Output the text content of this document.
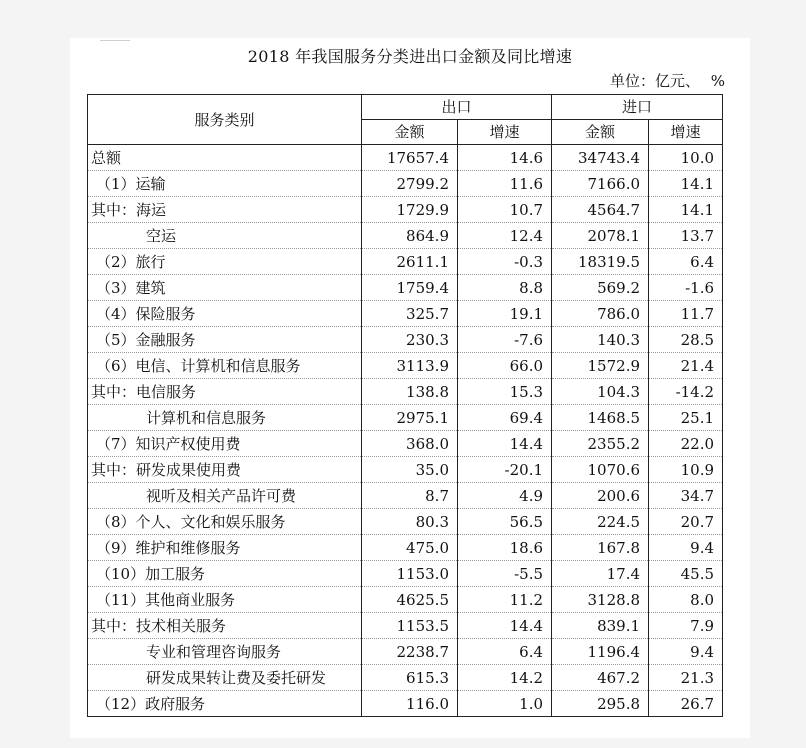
2018 年我国服务分类进出口金额及同比增速
单位：亿元、 %
服务类别	出口		进口	
	金额	增速	金额	增速
总额	17657.4	14.6	34743.4	10.0
（1）运输	2799.2	11.6	7166.0	14.1
其中：海运	1729.9	10.7	4564.7	14.1
空运	864.9	12.4	2078.1	13.7
（2）旅行	2611.1	-0.3	18319.5	6.4
（3）建筑	1759.4	8.8	569.2	-1.6
（4）保险服务	325.7	19.1	786.0	11.7
（5）金融服务	230.3	-7.6	140.3	28.5
（6）电信、计算机和信息服务	3113.9	66.0	1572.9	21.4
其中：电信服务	138.8	15.3	104.3	-14.2
计算机和信息服务	2975.1	69.4	1468.5	25.1
（7）知识产权使用费	368.0	14.4	2355.2	22.0
其中：研发成果使用费	35.0	-20.1	1070.6	10.9
视听及相关产品许可费	8.7	4.9	200.6	34.7
（8）个人、文化和娱乐服务	80.3	56.5	224.5	20.7
（9）维护和维修服务	475.0	18.6	167.8	9.4
（10）加工服务	1153.0	-5.5	17.4	45.5
（11）其他商业服务	4625.5	11.2	3128.8	8.0
其中：技术相关服务	1153.5	14.4	839.1	7.9
专业和管理咨询服务	2238.7	6.4	1196.4	9.4
研发成果转让费及委托研发	615.3	14.2	467.2	21.3
（12）政府服务	116.0	1.0	295.8	26.7
